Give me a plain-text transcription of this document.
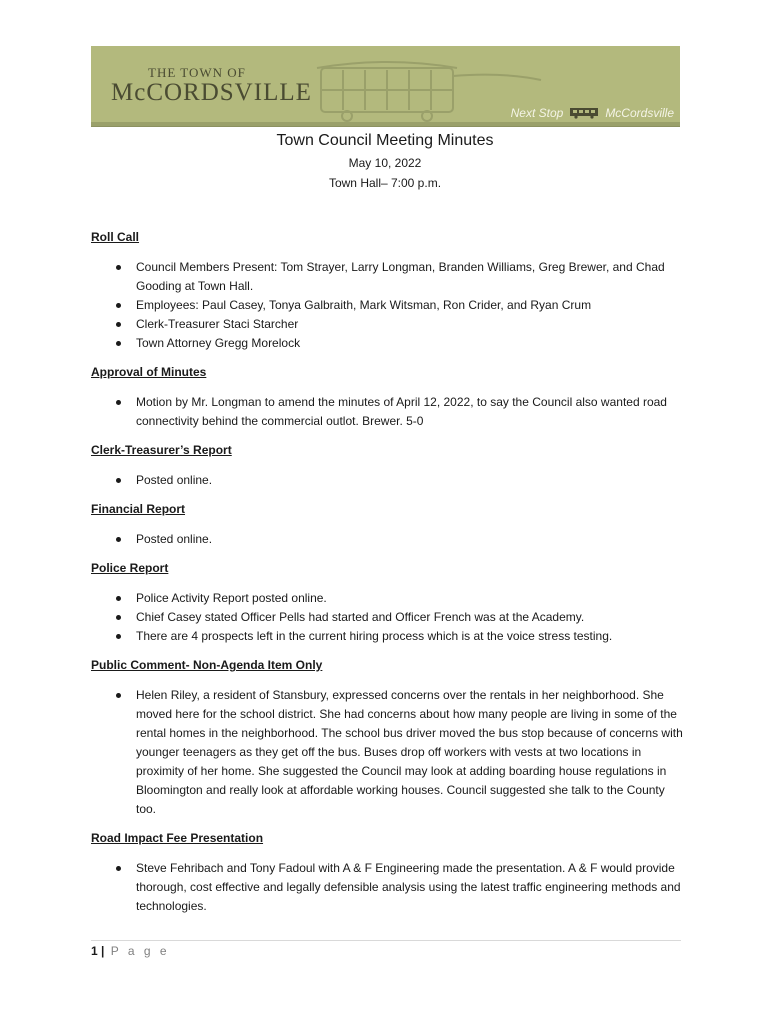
THE TOWN OF
McCORDSVILLE
Next Stop	McCordsville
Town Council Meeting Minutes
May 10, 2022
Town Hall– 7:00 p.m.

Roll Call

Council Members Present: Tom Strayer, Larry Longman, Branden Williams, Greg Brewer, and Chad Gooding at Town Hall.
Employees: Paul Casey, Tonya Galbraith, Mark Witsman, Ron Crider, and Ryan Crum
Clerk-Treasurer Staci Starcher
Town Attorney Gregg Morelock

Approval of Minutes

Motion by Mr. Longman to amend the minutes of April 12, 2022, to say the Council also wanted road connectivity behind the commercial outlot. Brewer. 5-0

Clerk-Treasurer’s Report

Posted online.

Financial Report

Posted online.

Police Report

Police Activity Report posted online.
Chief Casey stated Officer Pells had started and Officer French was at the Academy.
There are 4 prospects left in the current hiring process which is at the voice stress testing.

Public Comment- Non-Agenda Item Only

Helen Riley, a resident of Stansbury, expressed concerns over the rentals in her neighborhood. She moved here for the school district. She had concerns about how many people are living in some of the rental homes in the neighborhood. The school bus driver moved the bus stop because of concerns with younger teenagers as they get off the bus. Buses drop off workers with vests at two locations in proximity of her home. She suggested the Council may look at adding boarding house regulations in Bloomington and really look at affordable working houses. Council suggested she talk to the County too.

Road Impact Fee Presentation

Steve Fehribach and Tony Fadoul with A & F Engineering made the presentation. A & F would provide thorough, cost effective and legally defensible analysis using the latest traffic engineering methods and technologies.
1 | P a g e
